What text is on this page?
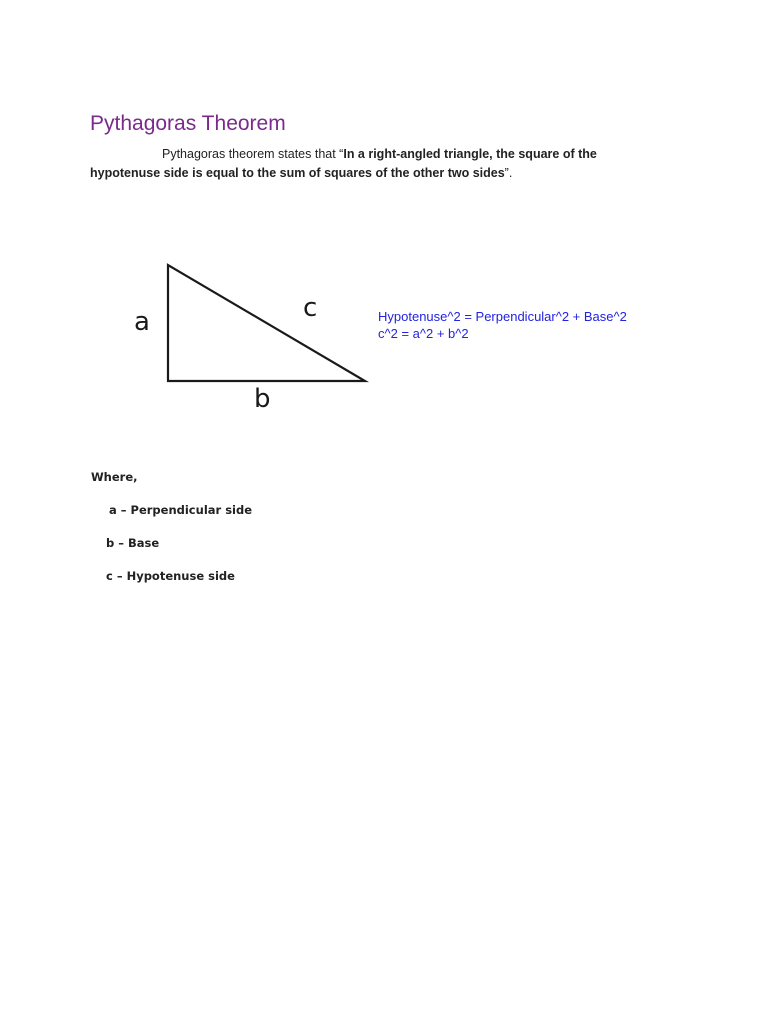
Pythagoras Theorem
Pythagoras theorem states that “In a right-angled triangle, the square of the hypotenuse side is equal to the sum of squares of the other two sides”.
a
b
c	Hypotenuse^2 = Perpendicular^2 + Base^2
c^2 = a^2 + b^2
Where,
a – Perpendicular side
b – Base
c – Hypotenuse side
